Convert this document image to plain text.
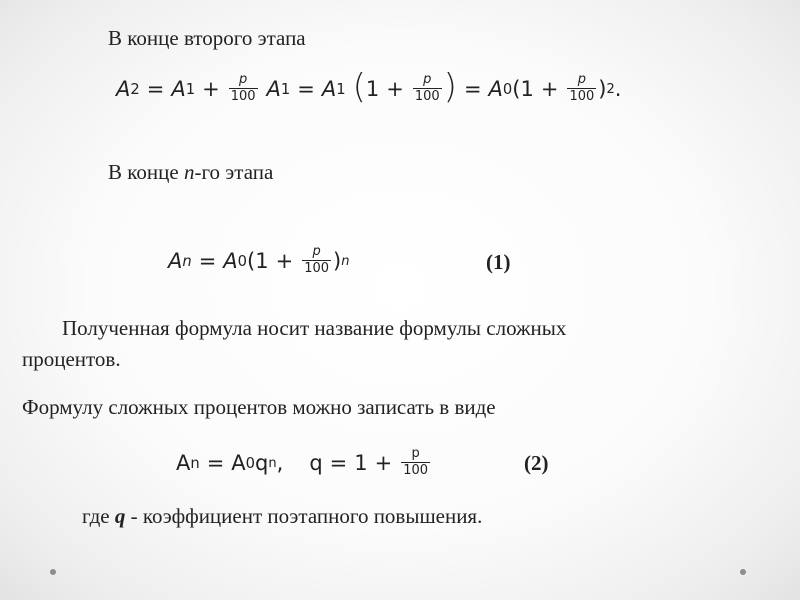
В конце второго этапа
A 2 = A $1 + \frac{p}{100}$ A 1 = A 1 ( $1 + \frac{p}{100}$ ) = A 0 ( $1 + \frac{p}{100}$ ) 2 .
В конце n-го этапа
A n = A 0 ( $1 + \frac{p}{100}$ ) n	(1)
Полученная формула носит название формулы сложных
процентов.
Формулу сложных процентов можно записать в виде
A n = A 0 q n , $q = 1 + \frac{p}{100}$	(2)
где q - коэффициент поэтапного повышения.
